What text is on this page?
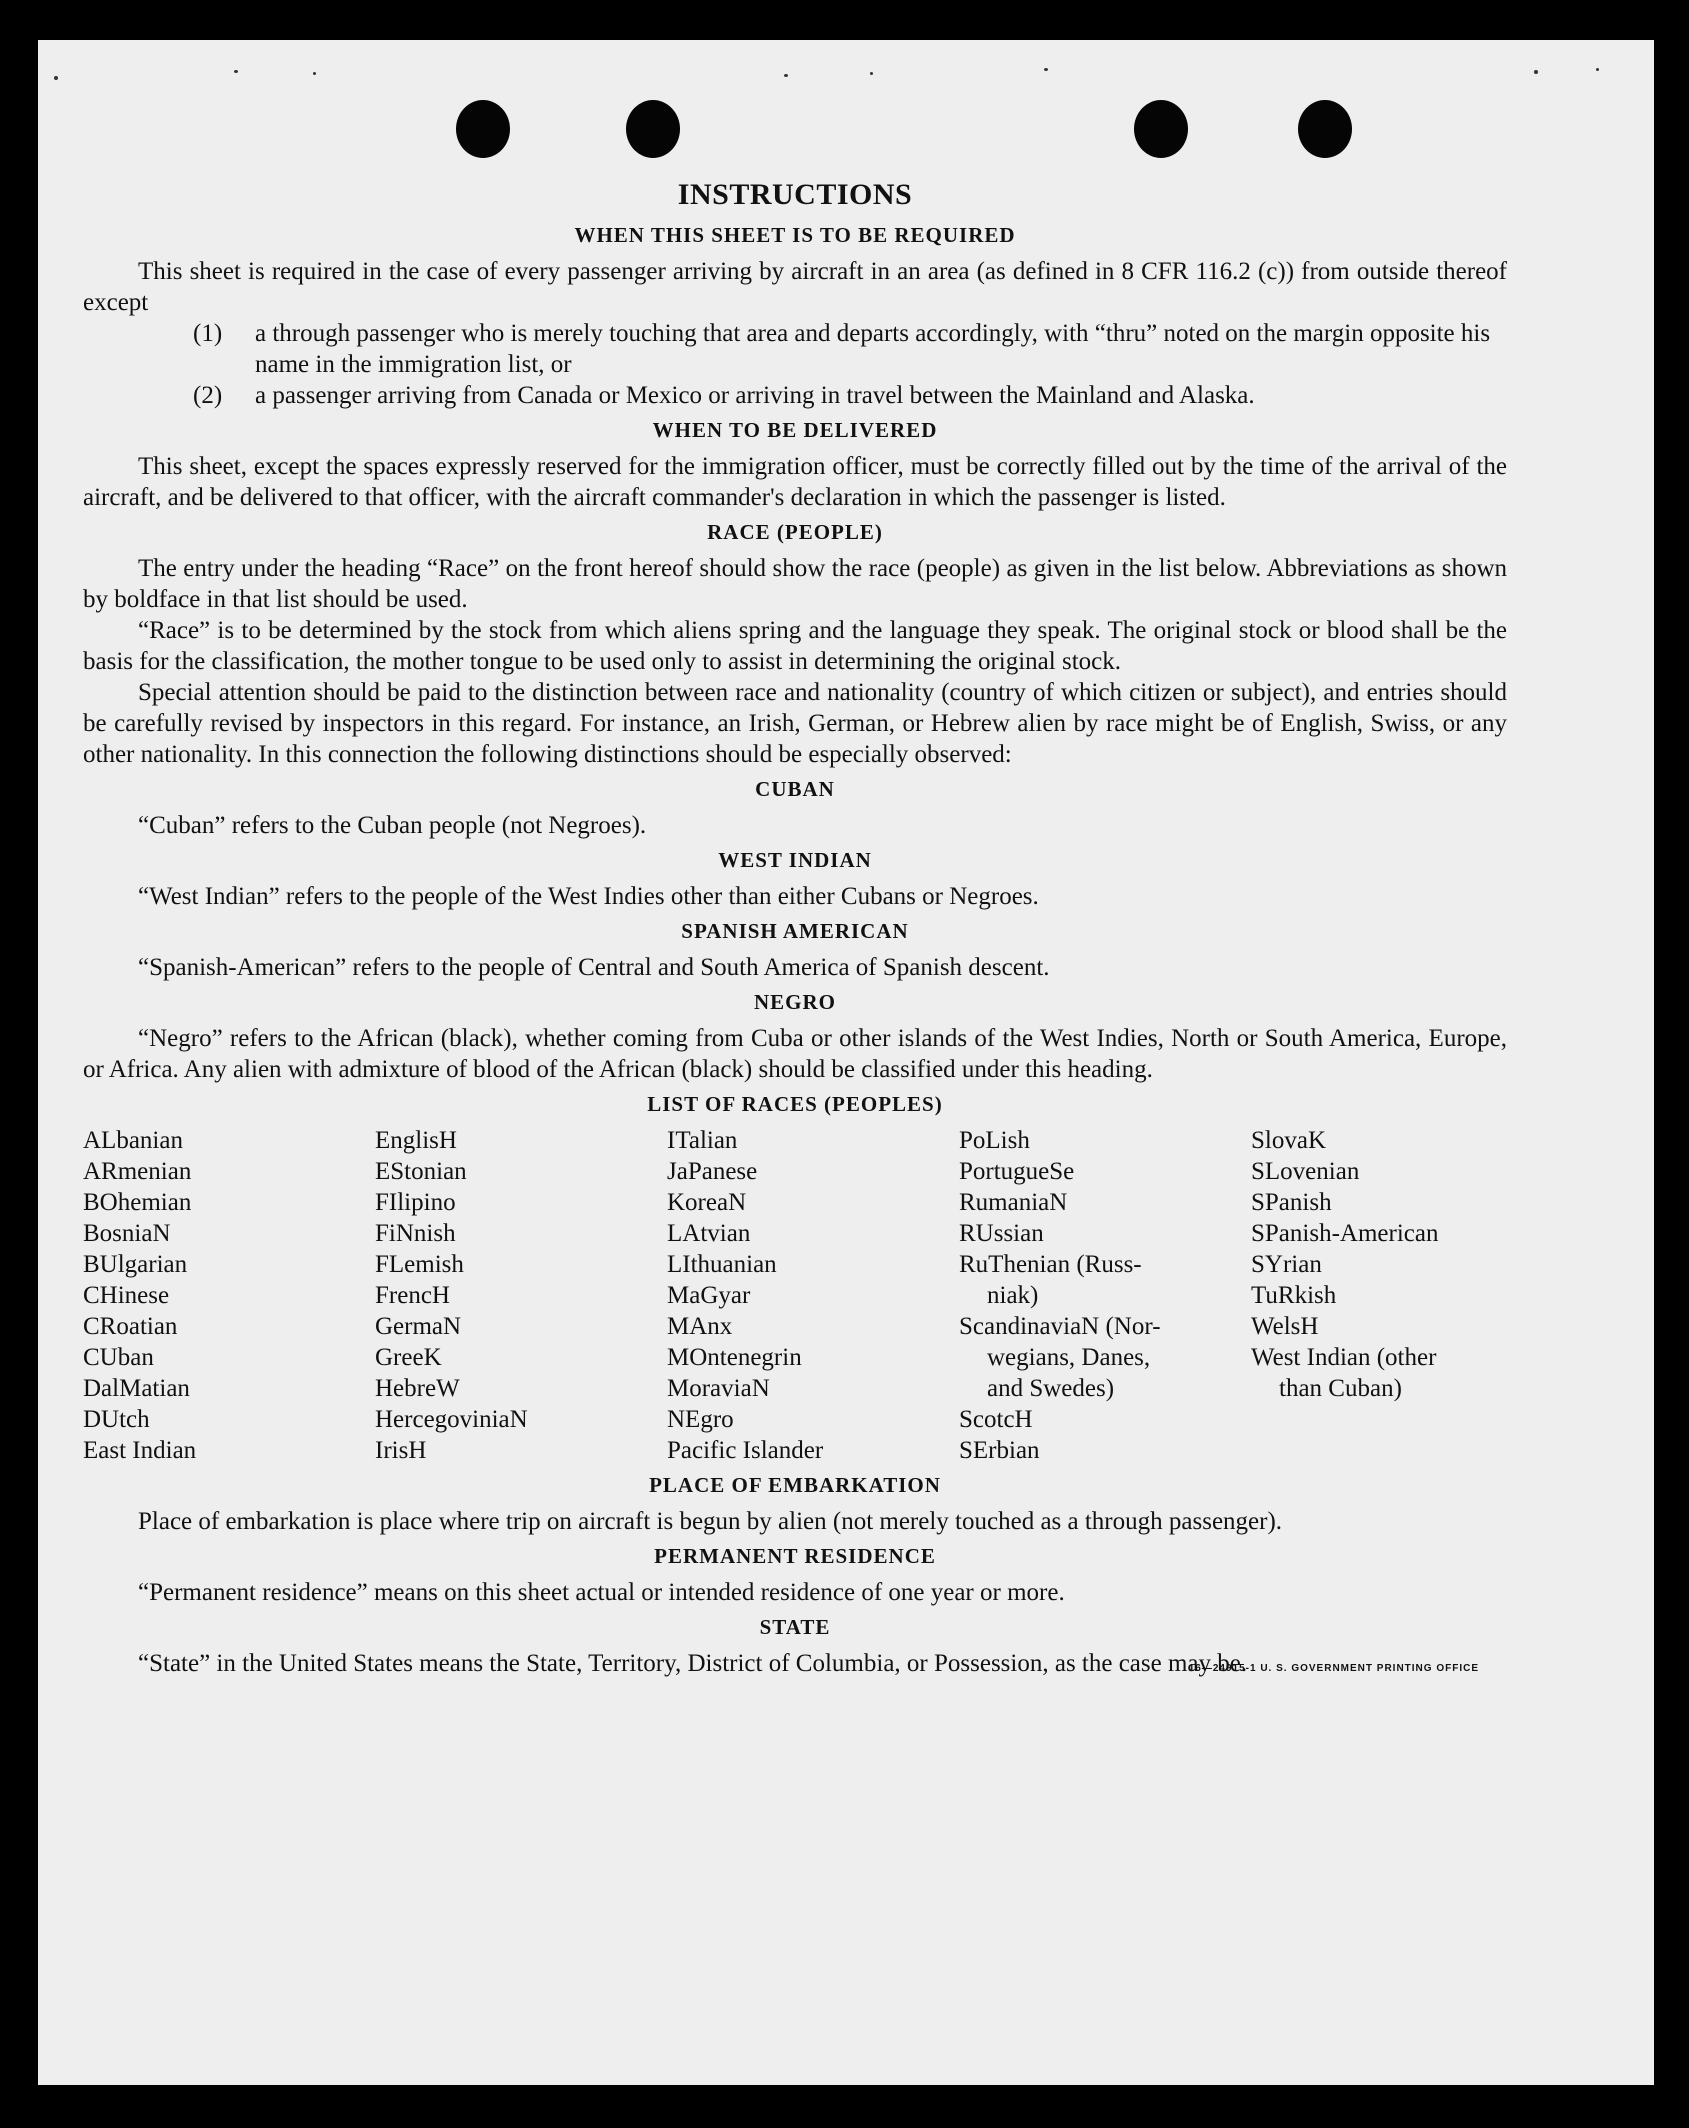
INSTRUCTIONS
WHEN THIS SHEET IS TO BE REQUIRED

This sheet is required in the case of every passenger arriving by aircraft in an area (as defined in 8 CFR 116.2 (c)) from outside thereof except

(1)	a through passenger who is merely touching that area and departs accordingly, with “thru” noted on the margin opposite his name in the immigration list, or
(2)	a passenger arriving from Canada or Mexico or arriving in travel between the Mainland and Alaska.
WHEN TO BE DELIVERED

This sheet, except the spaces expressly reserved for the immigration officer, must be correctly filled out by the time of the arrival of the aircraft, and be delivered to that officer, with the aircraft commander's declaration in which the passenger is listed.

RACE (PEOPLE)

The entry under the heading “Race” on the front hereof should show the race (people) as given in the list below. Abbreviations as shown by boldface in that list should be used.

“Race” is to be determined by the stock from which aliens spring and the language they speak. The original stock or blood shall be the basis for the classification, the mother tongue to be used only to assist in determining the original stock.

Special attention should be paid to the distinction between race and nationality (country of which citizen or subject), and entries should be carefully revised by inspectors in this regard. For instance, an Irish, German, or Hebrew alien by race might be of English, Swiss, or any other nationality. In this connection the following distinctions should be especially observed:

CUBAN

“Cuban” refers to the Cuban people (not Negroes).

WEST INDIAN

“West Indian” refers to the people of the West Indies other than either Cubans or Negroes.

SPANISH AMERICAN

“Spanish-American” refers to the people of Central and South America of Spanish descent.

NEGRO

“Negro” refers to the African (black), whether coming from Cuba or other islands of the West Indies, North or South America, Europe, or Africa. Any alien with admixture of blood of the African (black) should be classified under this heading.

LIST OF RACES (PEOPLES)
ALbanian
ARmenian
BOhemian
BosniaN
BUlgarian
CHinese
CRoatian
CUban
DalMatian
DUtch
East Indian
EnglisH
EStonian
FIlipino
FiNnish
FLemish
FrencH
GermaN
GreeK
HebreW
HercegoviniaN
IrisH
ITalian
JaPanese
KoreaN
LAtvian
LIthuanian
MaGyar
MAnx
MOntenegrin
MoraviaN
NEgro
Pacific Islander
PoLish
PortugueSe
RumaniaN
RUssian
RuThenian (Russ-
niak)
ScandinaviaN (Nor-
wegians, Danes,
and Swedes)
ScotcH
SErbian
SlovaK
SLovenian
SPanish
SPanish-American
SYrian
TuRkish
WelsH
West Indian (other
than Cuban)
PLACE OF EMBARKATION

Place of embarkation is place where trip on aircraft is begun by alien (not merely touched as a through passenger).

PERMANENT RESIDENCE

“Permanent residence” means on this sheet actual or intended residence of one year or more.

STATE

“State” in the United States means the State, Territory, District of Columbia, or Possession, as the case may be.

16—24915-1 U. S. GOVERNMENT PRINTING OFFICE
